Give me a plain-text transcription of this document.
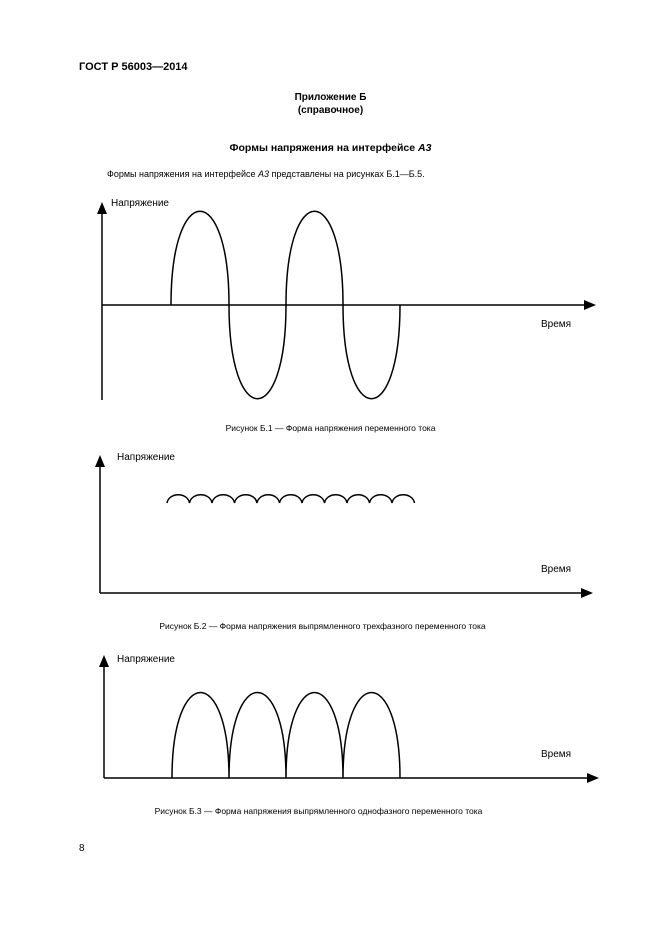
ГОСТ Р 56003—2014
Приложение Б
(справочное)
Формы напряжения на интерфейсе А3
Формы напряжения на интерфейсе А3 представлены на рисунках Б.1—Б.5.
Напряжение
Время
Рисунок Б.1 — Форма напряжения переменного тока
Напряжение
Время
Рисунок Б.2 — Форма напряжения выпрямленного трехфазного переменного тока
Напряжение
Время
Рисунок Б.3 — Форма напряжения выпрямленного однофазного переменного тока
8
